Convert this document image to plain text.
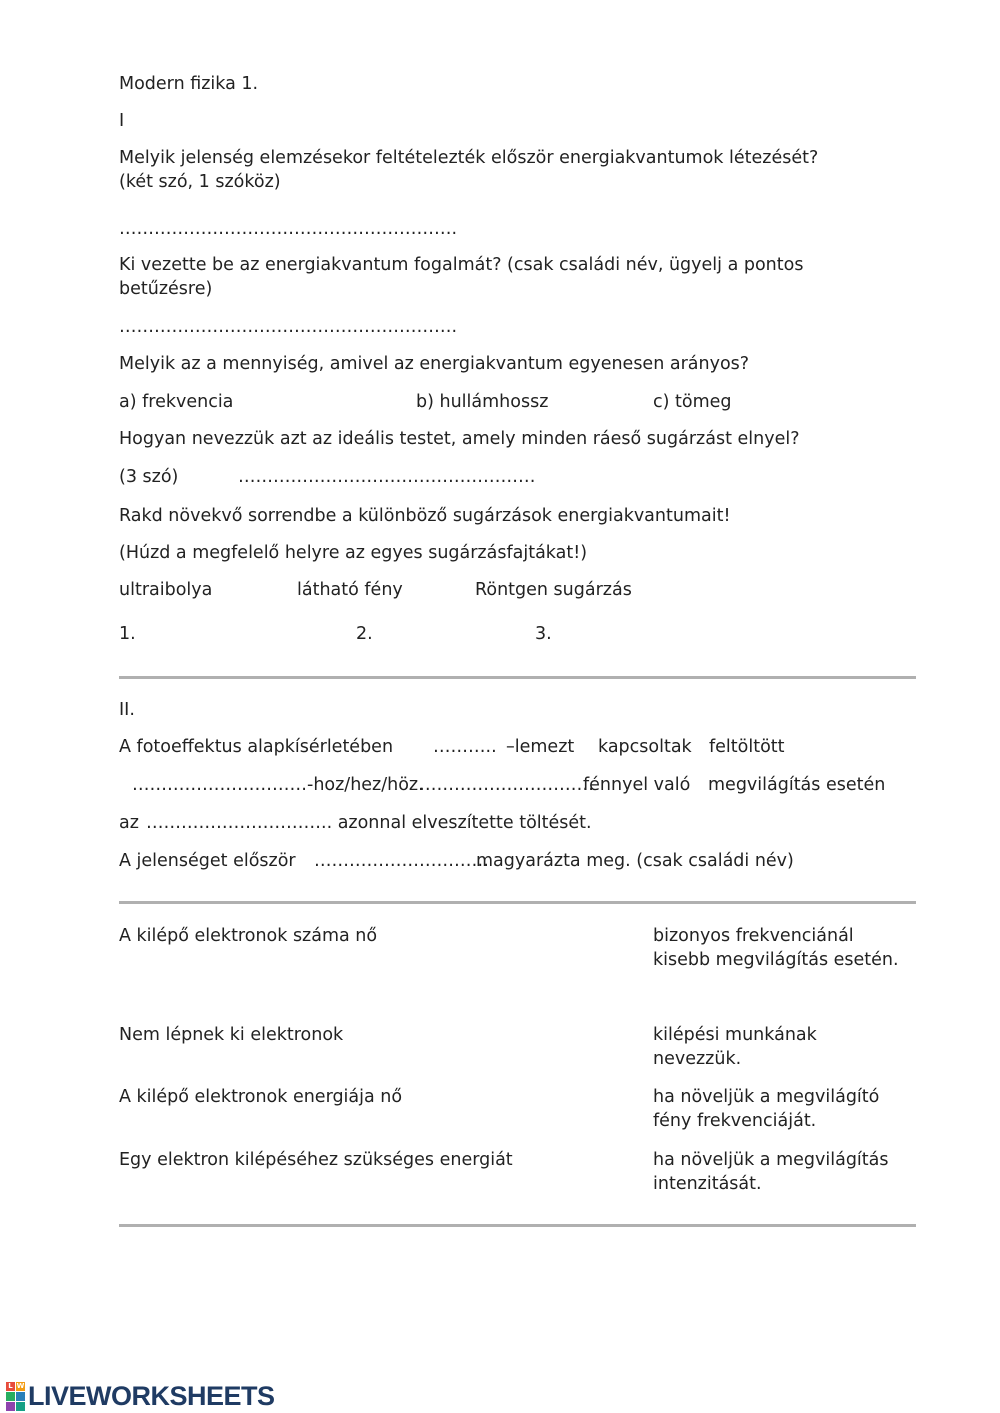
Modern fizika 1.
I
Melyik jelenség elemzésekor feltételezték először energiakvantumok létezését?
(két szó, 1 szóköz)
………………………………………………….
Ki vezette be az energiakvantum fogalmát? (csak családi név, ügyelj a pontos
betűzésre)
………………………………………………….
Melyik az a mennyiség, amivel az energiakvantum egyenesen arányos?
a) frekvencia	b) hullámhossz	c) tömeg
Hogyan nevezzük azt az ideális testet, amely minden ráeső sugárzást elnyel?
(3 szó)	……………………………………………
Rakd növekvő sorrendbe a különböző sugárzások energiakvantumait!
(Húzd a megfelelő helyre az egyes sugárzásfajtákat!)
ultraibolya	látható fény	Röntgen sugárzás
1.	2.	3.
II.
A fotoeffektus alapkísérletében ……….. –lemezt kapcsoltak feltöltött
…………………………-hoz/hez/höz.
…………………………
fénnyel való megvilágítás esetén
az ………………………….. azonnal elveszítette töltését.
A jelenséget először …………………………
magyarázta meg. (csak családi név)
A kilépő elektronok száma nő	bizonyos frekvenciánál
kisebb megvilágítás esetén.
Nem lépnek ki elektronok	kilépési munkának
nevezzük.
A kilépő elektronok energiája nő	ha növeljük a megvilágító
fény frekvenciáját.
Egy elektron kilépéséhez szükséges energiát	ha növeljük a megvilágítás
intenzitását.
L W LIVEWORKSHEETS
